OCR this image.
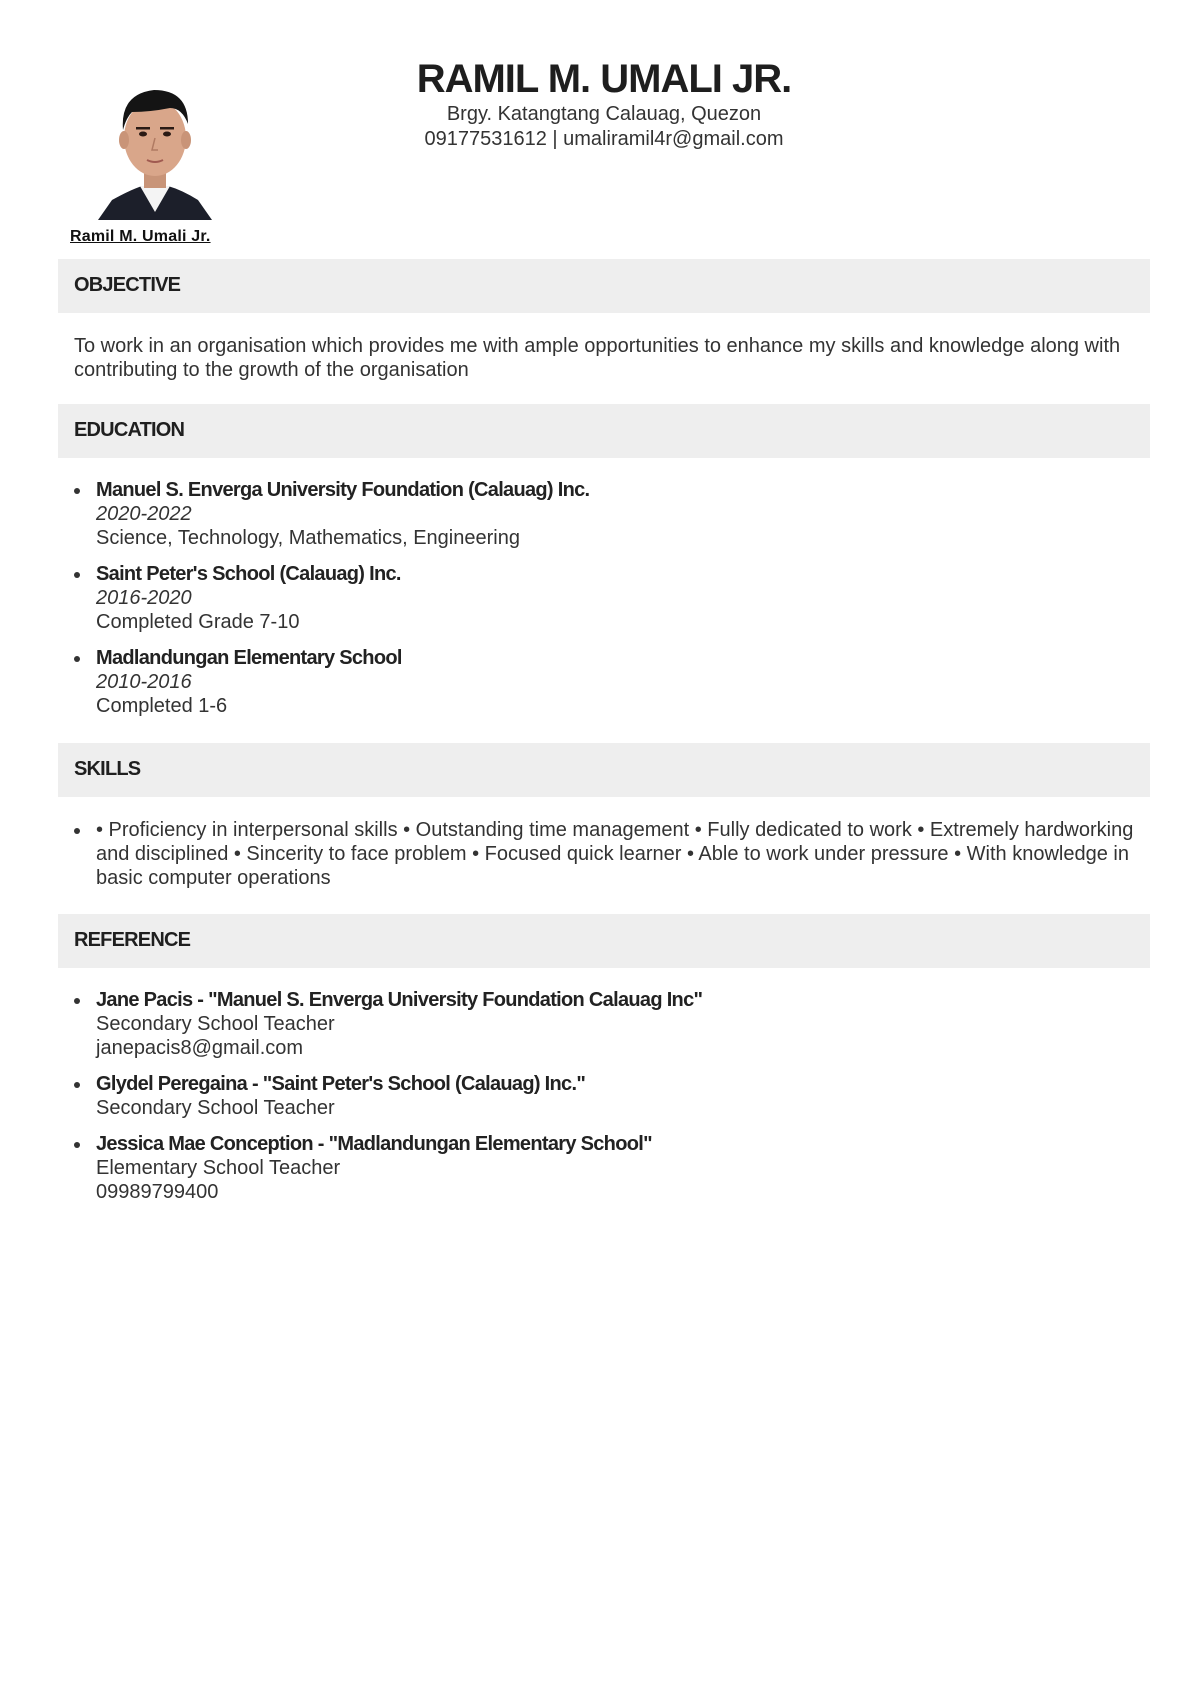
Ramil M. Umali Jr.
RAMIL M. UMALI JR.
Brgy. Katangtang Calauag, Quezon
09177531612 | umaliramil4r@gmail.com
OBJECTIVE
To work in an organisation which provides me with ample opportunities to enhance my skills and knowledge along with contributing to the growth of the organisation
EDUCATION
Manuel S. Enverga University Foundation (Calauag) Inc.
2020-2022
Science, Technology, Mathematics, Engineering
Saint Peter's School (Calauag) Inc.
2016-2020
Completed Grade 7-10
Madlandungan Elementary School
2010-2016
Completed 1-6
SKILLS
• Proficiency in interpersonal skills • Outstanding time management • Fully dedicated to work • Extremely hardworking and disciplined • Sincerity to face problem • Focused quick learner • Able to work under pressure • With knowledge in basic computer operations
REFERENCE
Jane Pacis - "Manuel S. Enverga University Foundation Calauag Inc"
Secondary School Teacher
janepacis8@gmail.com
Glydel Peregaina - "Saint Peter's School (Calauag) Inc."
Secondary School Teacher
Jessica Mae Conception - "Madlandungan Elementary School"
Elementary School Teacher
09989799400
